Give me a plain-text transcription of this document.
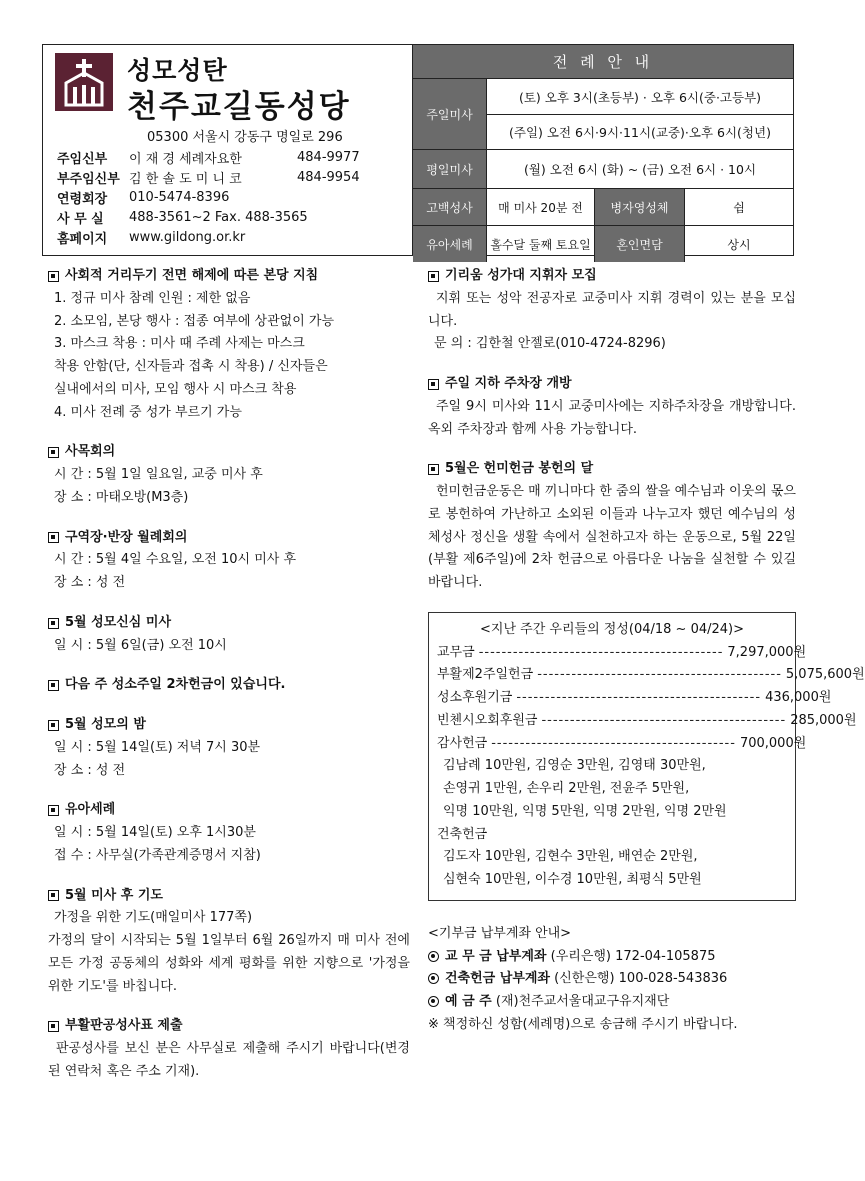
성모성탄
천주교길동성당
05300 서울시 강동구 명일로 296
주임신부	이 재 경 세례자요한	484-9977
부주임신부 김 한 솔 도 미 니 코	484-9954
연령회장	010-5474-8396
사 무 실	488-3561~2 Fax. 488-3565
홈페이지	www.gildong.or.kr
전 례 안 내
주일미사
(토) 오후 3시(초등부) · 오후 6시(중·고등부)
(주일) 오전 6시·9시·11시(교중)·오후 6시(청년)
평일미사	(월) 오전 6시 (화) ~ (금) 오전 6시 · 10시
고백성사	매 미사 20분 전	병자영성체	쉼
유아세례	홀수달 둘째 토요일	혼인면담	상시
사회적 거리두기 전면 해제에 따른 본당 지침
1. 정규 미사 참례 인원 : 제한 없음
2. 소모임, 본당 행사 : 접종 여부에 상관없이 가능
3. 마스크 착용 : 미사 때 주례 사제는 마스크
착용 안함(단, 신자들과 접촉 시 착용) / 신자들은
실내에서의 미사, 모임 행사 시 마스크 착용
4. 미사 전례 중 성가 부르기 가능
사목회의
시 간 : 5월 1일 일요일, 교중 미사 후
장 소 : 마태오방(M3층)
구역장·반장 월례회의
시 간 : 5월 4일 수요일, 오전 10시 미사 후
장 소 : 성 전
5월 성모신심 미사
일 시 : 5월 6일(금) 오전 10시
다음 주 성소주일 2차헌금이 있습니다.
5월 성모의 밤
일 시 : 5월 14일(토) 저녁 7시 30분
장 소 : 성 전
유아세례
일 시 : 5월 14일(토) 오후 1시30분
접 수 : 사무실(가족관계증명서 지참)
5월 미사 후 기도
가정을 위한 기도(매일미사 177쪽)
가정의 달이 시작되는 5월 1일부터 6월 26일까지 매 미사 전에 모든 가정 공동체의 성화와 세계 평화를 위한 지향으로 '가정을 위한 기도'를 바칩니다.
부활판공성사표 제출
판공성사를 보신 분은 사무실로 제출해 주시기 바랍니다(변경된 연락처 혹은 주소 기재).
기리움 성가대 지휘자 모집
지휘 또는 성악 전공자로 교중미사 지휘 경력이 있는 분을 모십니다.
문 의 : 김한철 안젤로(010-4724-8296)
주일 지하 주차장 개방
주일 9시 미사와 11시 교중미사에는 지하주차장을 개방합니다. 옥외 주차장과 함께 사용 가능합니다.
5월은 헌미헌금 봉헌의 달
헌미헌금운동은 매 끼니마다 한 줌의 쌀을 예수님과 이웃의 몫으로 봉헌하여 가난하고 소외된 이들과 나누고자 했던 예수님의 성체성사 정신을 생활 속에서 실천하고자 하는 운동으로, 5월 22일(부활 제6주일)에 2차 헌금으로 아름다운 나눔을 실천할 수 있길 바랍니다.
<지난 주간 우리들의 정성(04/18 ~ 04/24)>
교무금 ------------------------------------------- 7,297,000원
부활제2주일헌금 ------------------------------------------- 5,075,600원
성소후원기금 ------------------------------------------- 436,000원
빈첸시오회후원금 ------------------------------------------- 285,000원
감사헌금 ------------------------------------------- 700,000원
김남례 10만원, 김영순 3만원, 김영태 30만원,
손영귀 1만원, 손우리 2만원, 전윤주 5만원,
익명 10만원, 익명 5만원, 익명 2만원, 익명 2만원
건축헌금
김도자 10만원, 김현수 3만원, 배연순 2만원,
심현숙 10만원, 이수경 10만원, 최평식 5만원
<기부금 납부계좌 안내>
교 무 금 납부계좌 (우리은행) 172-04-105875
건축헌금 납부계좌 (신한은행) 100-028-543836
예 금 주 (재)천주교서울대교구유지재단
※ 책정하신 성함(세례명)으로 송금해 주시기 바랍니다.
